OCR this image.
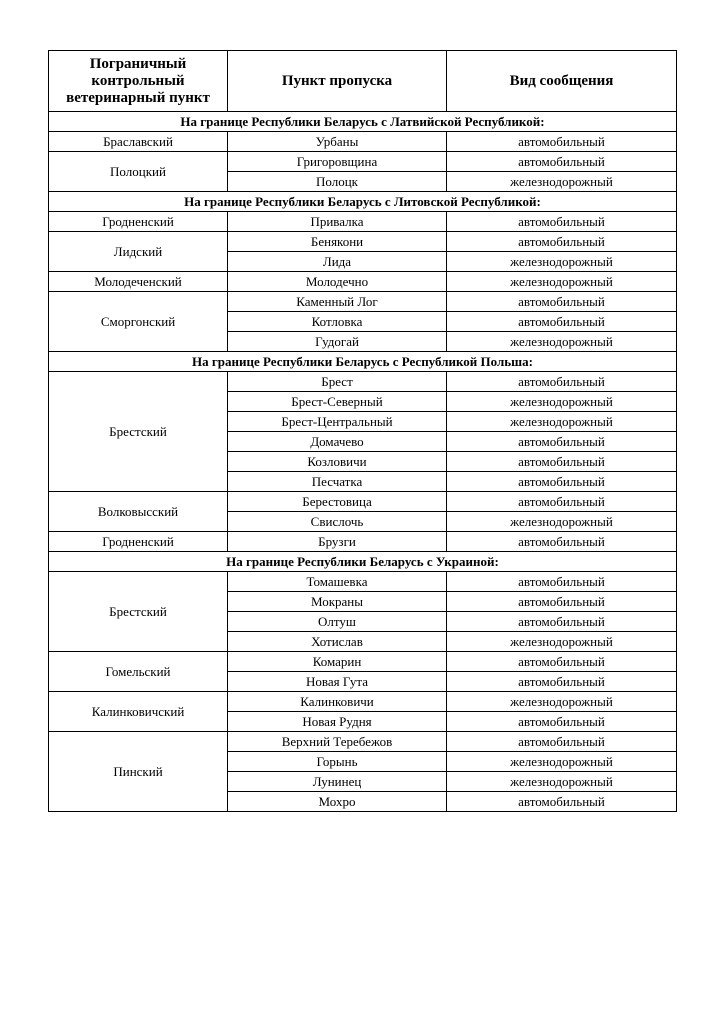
Пограничный контрольный ветеринарный пункт	Пункт пропуска	Вид сообщения
На границе Республики Беларусь с Латвийской Республикой:		
Браславский	Урбаны	автомобильный
Полоцкий	Григоровщина	автомобильный
	Полоцк	железнодорожный
На границе Республики Беларусь с Литовской Республикой:		
Гродненский	Привалка	автомобильный
Лидский	Бенякони	автомобильный
	Лида	железнодорожный
Молодеченский	Молодечно	железнодорожный
Сморгонский	Каменный Лог	автомобильный
	Котловка	автомобильный
	Гудогай	железнодорожный
На границе Республики Беларусь с Республикой Польша:		
Брестский	Брест	автомобильный
	Брест-Северный	железнодорожный
	Брест-Центральный	железнодорожный
	Домачево	автомобильный
	Козловичи	автомобильный
	Песчатка	автомобильный
Волковысский	Берестовица	автомобильный
	Свислочь	железнодорожный
Гродненский	Брузги	автомобильный
На границе Республики Беларусь с Украиной:		
Брестский	Томашевка	автомобильный
	Мокраны	автомобильный
	Олтуш	автомобильный
	Хотислав	железнодорожный
Гомельский	Комарин	автомобильный
	Новая Гута	автомобильный
Калинковичский	Калинковичи	железнодорожный
	Новая Рудня	автомобильный
Пинский	Верхний Теребежов	автомобильный
	Горынь	железнодорожный
	Лунинец	железнодорожный
	Мохро	автомобильный
